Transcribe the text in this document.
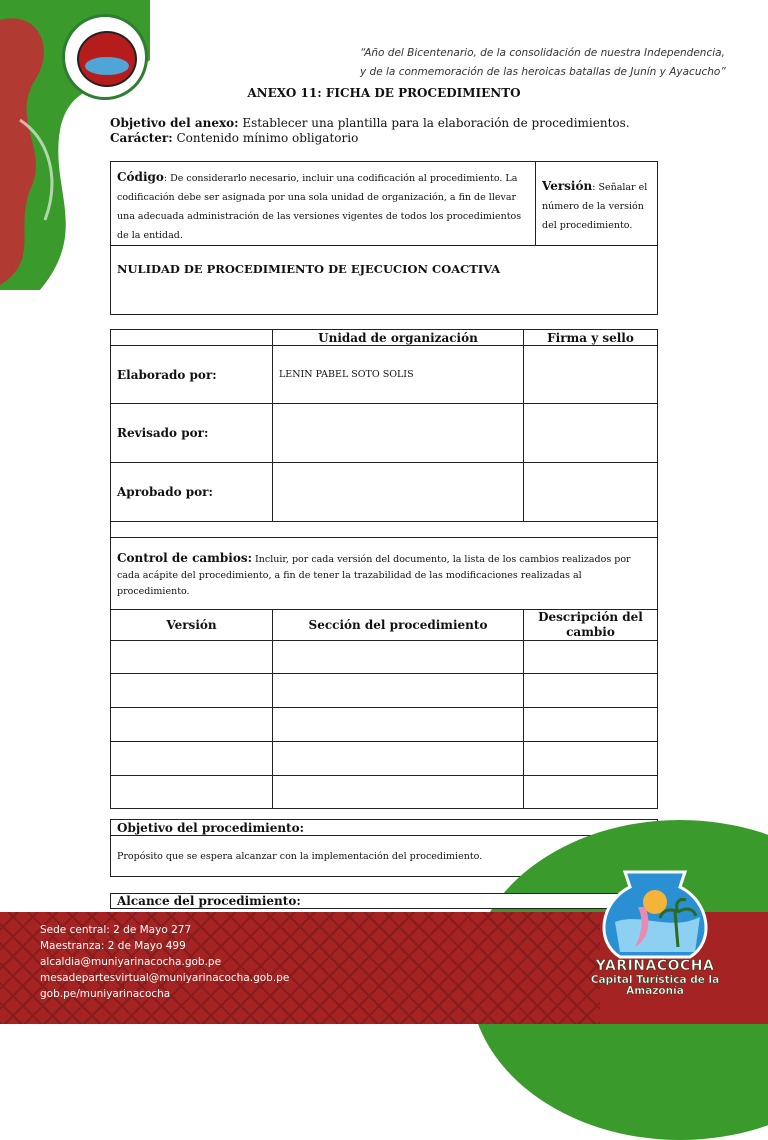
“Año del Bicentenario, de la consolidación de nuestra Independencia,
y de la conmemoración de las heroicas batallas de Junín y Ayacucho”
ANEXO 11: FICHA DE PROCEDIMIENTO
Objetivo del anexo: Establecer una plantilla para la elaboración de procedimientos.
Carácter: Contenido mínimo obligatorio
Código: De considerarlo necesario, incluir una codificación al procedimiento. La codificación debe ser asignada por una sola unidad de organización, a fin de llevar una adecuada administración de las versiones vigentes de todos los procedimientos de la entidad.	Versión: Señalar el número de la versión del procedimiento.
NULIDAD DE PROCEDIMIENTO DE EJECUCION COACTIVA
	Unidad de organización	Firma y sello
Elaborado por:	LENIN PABEL SOTO SOLIS	
Revisado por:		
Aprobado por:		

Control de cambios: Incluir, por cada versión del documento, la lista de los cambios realizados por cada acápite del procedimiento, a fin de tener la trazabilidad de las modificaciones realizadas al procedimiento.		
Versión	Sección del procedimiento	Descripción del cambio

Objetivo del procedimiento:
Propósito que se espera alcanzar con la implementación del procedimiento.
Alcance del procedimiento:
Sede central: 2 de Mayo 277
Maestranza: 2 de Mayo 499
alcaldia@muniyarinacocha.gob.pe
mesadepartesvirtual@muniyarinacocha.gob.pe
gob.pe/muniyarinacocha
YARINACOCHA
Capital Turística de la
Amazonía
